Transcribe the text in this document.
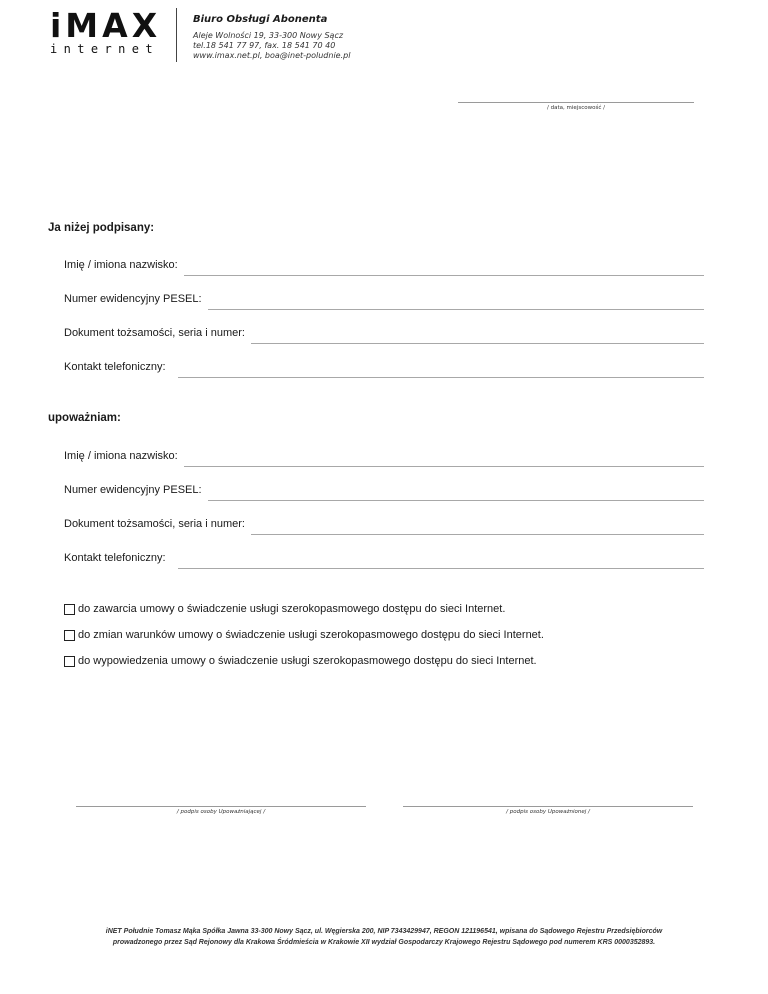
iMAX
internet
Biuro Obsługi Abonenta
Aleje Wolności 19, 33-300 Nowy Sącz
tel.18 541 77 97, fax. 18 541 70 40
www.imax.net.pl, boa@inet-poludnie.pl
/ data, miejscowość /
Ja niżej podpisany:
Imię / imiona nazwisko:
Numer ewidencyjny PESEL:
Dokument tożsamości, seria i numer:
Kontakt telefoniczny:
upoważniam:
Imię / imiona nazwisko:
Numer ewidencyjny PESEL:
Dokument tożsamości, seria i numer:
Kontakt telefoniczny:
do zawarcia umowy o świadczenie usługi szerokopasmowego dostępu do sieci Internet.
do zmian warunków umowy o świadczenie usługi szerokopasmowego dostępu do sieci Internet.
do wypowiedzenia umowy o świadczenie usługi szerokopasmowego dostępu do sieci Internet.
/ podpis osoby Upoważniającej /	/ podpis osoby Upoważnionej /
iNET Południe Tomasz Mąka Spółka Jawna 33-300 Nowy Sącz, ul. Węgierska 200, NIP 7343429947, REGON 121196541, wpisana do Sądowego Rejestru Przedsiębiorców
prowadzonego przez Sąd Rejonowy dla Krakowa Śródmieścia w Krakowie XII wydział Gospodarczy Krajowego Rejestru Sądowego pod numerem KRS 0000352893.
